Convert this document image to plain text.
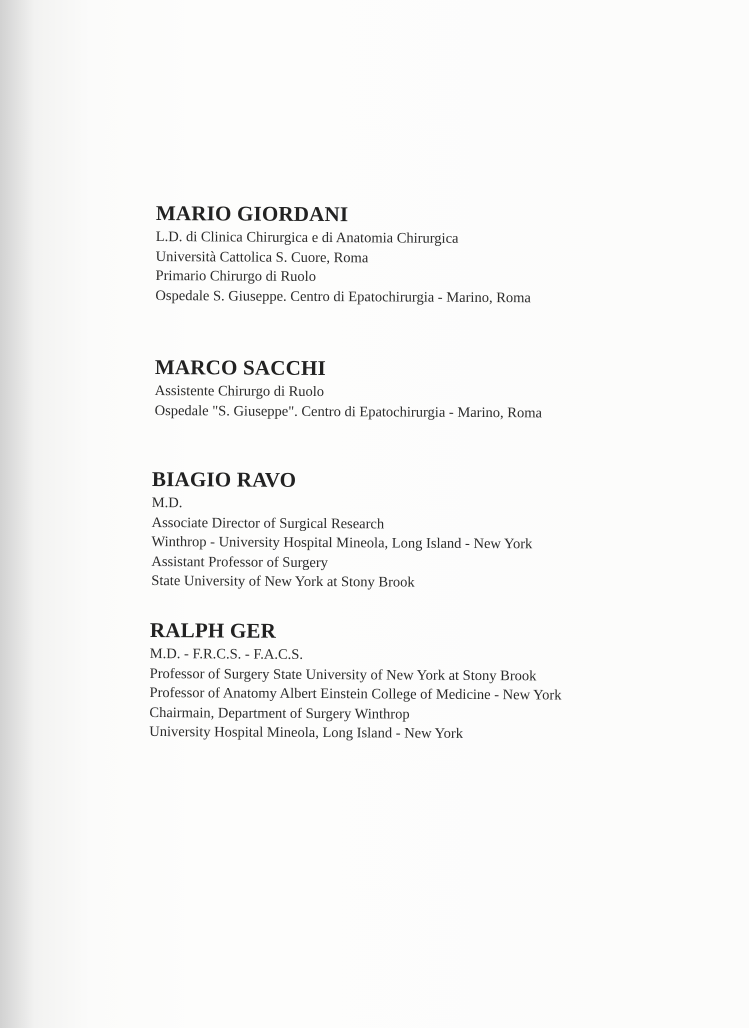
MARIO GIORDANI
L.D. di Clinica Chirurgica e di Anatomia Chirurgica
Università Cattolica S. Cuore, Roma
Primario Chirurgo di Ruolo
Ospedale S. Giuseppe. Centro di Epatochirurgia - Marino, Roma
MARCO SACCHI
Assistente Chirurgo di Ruolo
Ospedale "S. Giuseppe". Centro di Epatochirurgia - Marino, Roma
BIAGIO RAVO
M.D.
Associate Director of Surgical Research
Winthrop - University Hospital Mineola, Long Island - New York
Assistant Professor of Surgery
State University of New York at Stony Brook
RALPH GER
M.D. - F.R.C.S. - F.A.C.S.
Professor of Surgery State University of New York at Stony Brook
Professor of Anatomy Albert Einstein College of Medicine - New York
Chairmain, Department of Surgery Winthrop
University Hospital Mineola, Long Island - New York
